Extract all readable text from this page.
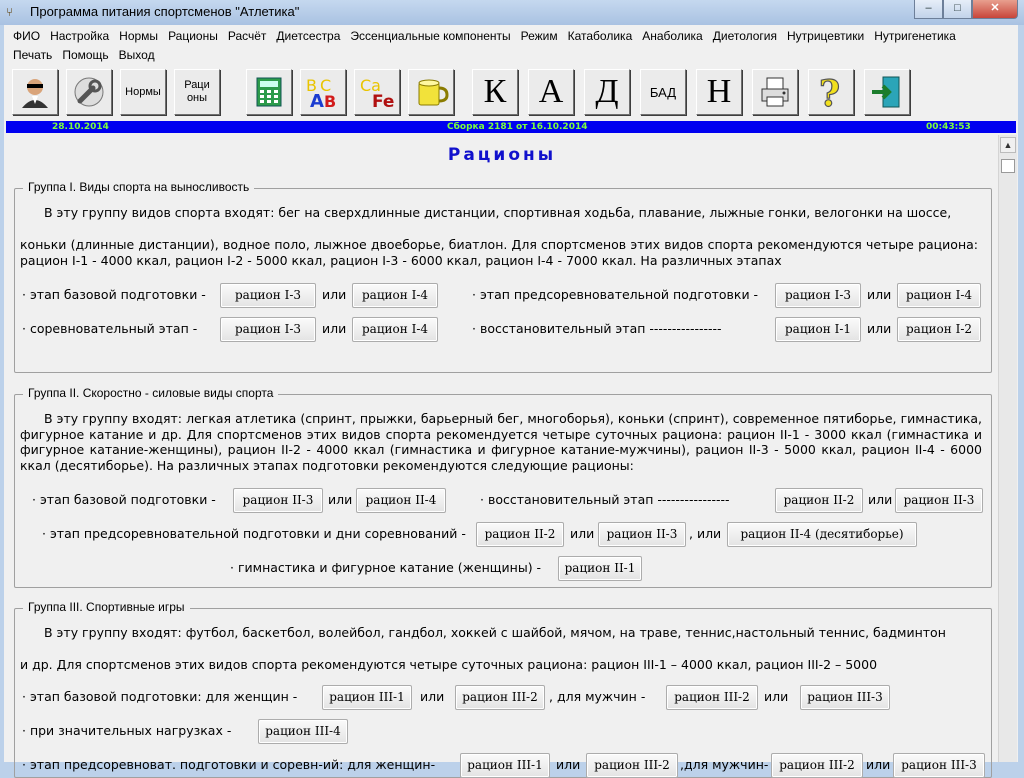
⑂	Программа питания спортсменов "Атлетика"	–	□	✕
ФИО Настройка Нормы Рационы Расчёт Диетсестра Эссенциальные компоненты Режим Катаболика Анаболика Диетология Нутрицевтики Нутригенетика
Печать Помощь Выход
Нормы
Раци
оны
B C
A B
Ca
Fe	К А Д БАД Н ?
28.10.2014	Сборка 2181 от 16.10.2014	00:43:53
Рационы
Группа I. Виды спорта на выносливость
В эту группу видов спорта входят: бег на сверхдлинные дистанции, спортивная ходьба, плавание, лыжные гонки, велогонки на шоссе,
коньки (длинные дистанции), водное поло, лыжное двоеборье, биатлон. Для спортсменов этих видов спорта рекомендуются четыре рациона: рацион I-1 - 4000 ккал, рацион I-2 - 5000 ккал, рацион I-3 - 6000 ккал, рацион I-4 - 7000 ккал. На различных этапах
· этап базовой подготовки -	рацион I-3	или	рацион I-4	· этап предсоревновательной подготовки -	рацион I-3	или	рацион I-4
· соревновательный этап -	рацион I-3	или	рацион I-4	· восстановительный этап ----------------	рацион I-1	или	рацион I-2
Группа II. Скоростно - силовые виды спорта
В эту группу входят: легкая атлетика (спринт, прыжки, барьерный бег, многоборья), коньки (спринт), современное пятиборье, гимнастика, фигурное катание и др. Для спортсменов этих видов спорта рекомендуется четыре суточных рациона: рацион II-1 - 3000 ккал (гимнастика и фигурное катание-женщины), рацион II-2 - 4000 ккал (гимнастика и фигурное катание-мужчины), рацион II-3 - 5000 ккал, рацион II-4 - 6000 ккал (десятиборье). На различных этапах подготовки рекомендуются следующие рационы:
· этап базовой подготовки -	рацион II-3	или	рацион II-4	· восстановительный этап ----------------	рацион II-2	или рацион II-3
· этап предсоревновательной подготовки и дни соревнований -	рацион II-2	или	рацион II-3 , или	рацион II-4 (десятиборье)
· гимнастика и фигурное катание (женщины) -	рацион II-1
Группа III. Спортивные игры
В эту группу входят: футбол, баскетбол, волейбол, гандбол, хоккей с шайбой, мячом, на траве, теннис,настольный теннис, бадминтон
и др. Для спортсменов этих видов спорта рекомендуются четыре суточных рациона: рацион III-1 – 4000 ккал, рацион III-2 – 5000
· этап базовой подготовки: для женщин -	рацион III-1	или	рацион III-2 , для мужчин -	рацион III-2	или	рацион III-3
· при значительных нагрузках -	рацион III-4
· этап предсоревноват. подготовки и соревн-ий: для женщин-	рацион III-1	или	рацион III-2 ,для мужчин- рацион III-2 или рацион III-3
▲
